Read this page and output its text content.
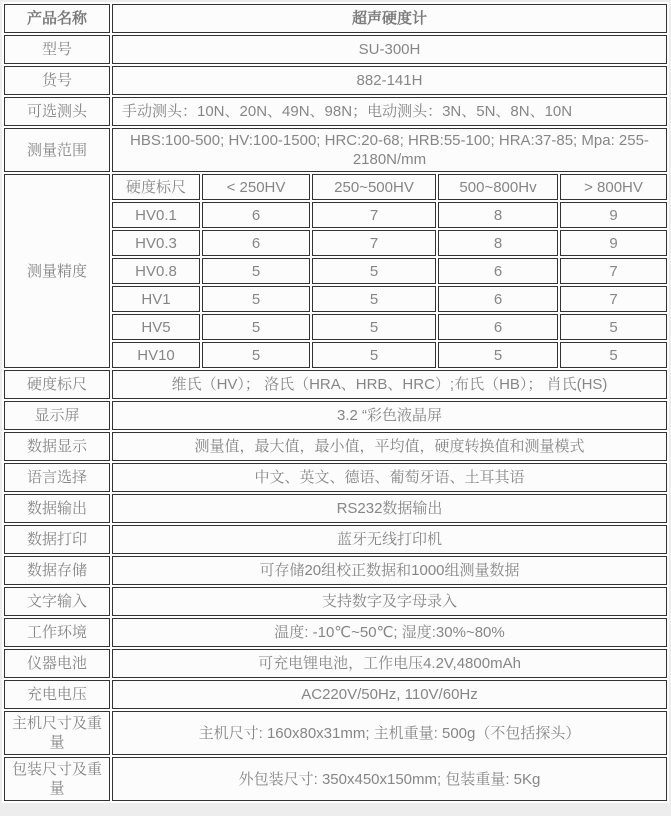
产品名称	超声硬度计				
型号	SU-300H				
货号	882-141H				
可选测头	手动测头：10N、20N、49N、98N；电动测头：3N、5N、8N、10N				
测量范围	HBS:100-500; HV:100-1500; HRC:20-68; HRB:55-100; HRA:37-85; Mpa: 255-2180N/mm				
测量精度	硬度标尺	< 250HV	250~500HV	500~800Hv	> 800HV
	HV0.1	6	7	8	9
	HV0.3	6	7	8	9
	HV0.8	5	5	6	7
	HV1	5	5	6	7
	HV5	5	5	6	5
	HV10	5	5	5	5
硬度标尺	维氏（HV）； 洛氏（HRA、HRB、HRC）;布氏（HB）； 肖氏(HS)				
显示屏	3.2 “彩色液晶屏				
数据显示	测量值，最大值，最小值，平均值，硬度转换值和测量模式				
语言选择	中文、英文、德语、葡萄牙语、土耳其语				
数据输出	RS232数据输出				
数据打印	蓝牙无线打印机				
数据存储	可存储20组校正数据和1000组测量数据				
文字输入	支持数字及字母录入				
工作环境	温度: -10℃~50℃; 湿度:30%~80%				
仪器电池	可充电锂电池，工作电压4.2V,4800mAh				
充电电压	AC220V/50Hz, 110V/60Hz				
主机尺寸及重量	主机尺寸: 160x80x31mm; 主机重量: 500g（不包括探头）				
包装尺寸及重量	外包装尺寸: 350x450x150mm; 包装重量: 5Kg				
